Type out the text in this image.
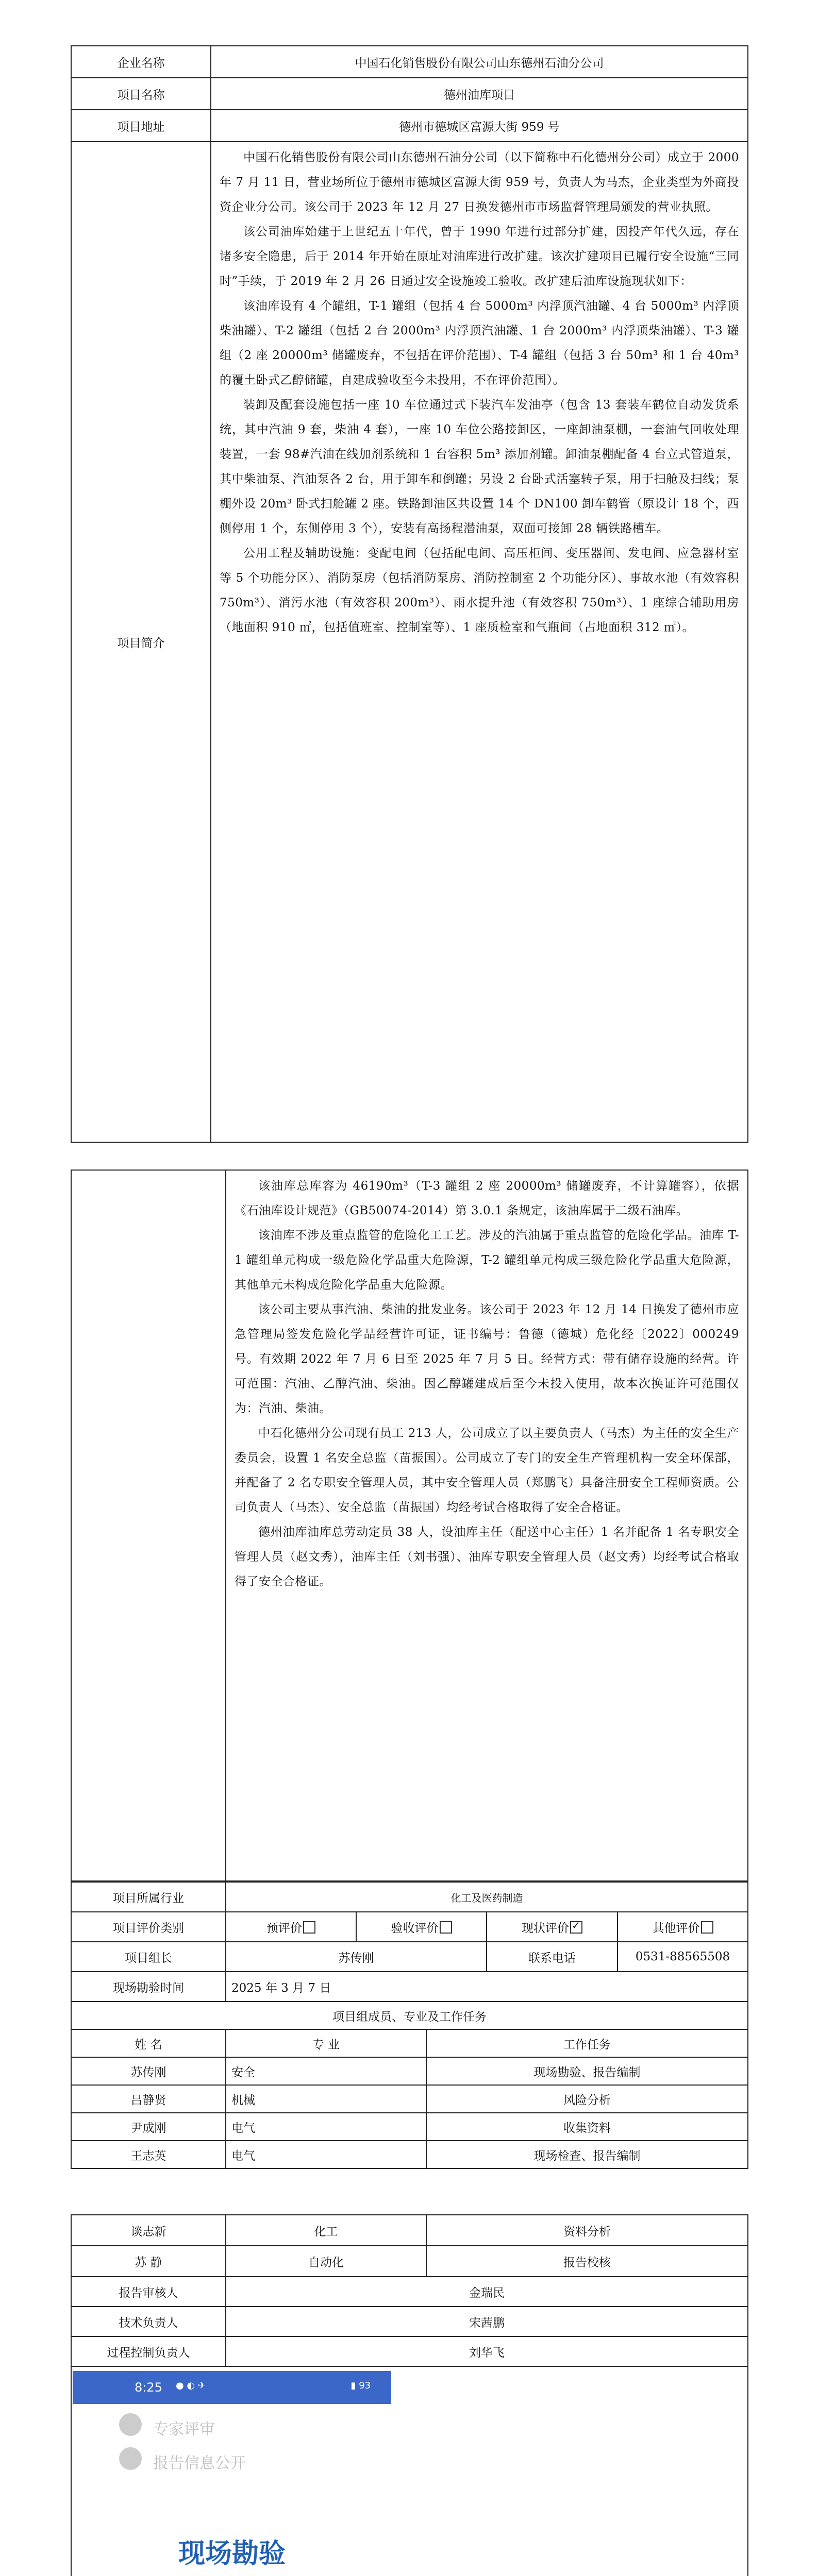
企业名称	中国石化销售股份有限公司山东德州石油分公司
项目名称	德州油库项目
项目地址	德州市德城区富源大街 959 号
项目简介	中国石化销售股份有限公司山东德州石油分公司（以下简称中石化德州分公司）成立于 2000 年 7 月 11 日，营业场所位于德州市德城区富源大街 959 号，负责人为马杰，企业类型为外商投资企业分公司。该公司于 2023 年 12 月 27 日换发德州市市场监督管理局颁发的营业执照。

该公司油库始建于上世纪五十年代，曾于 1990 年进行过部分扩建，因投产年代久远，存在诸多安全隐患，后于 2014 年开始在原址对油库进行改扩建。该次扩建项目已履行安全设施“三同时”手续，于 2019 年 2 月 26 日通过安全设施竣工验收。改扩建后油库设施现状如下：

该油库设有 4 个罐组，T-1 罐组（包括 4 台 5000m³ 内浮顶汽油罐、4 台 5000m³ 内浮顶柴油罐）、T-2 罐组（包括 2 台 2000m³ 内浮顶汽油罐、1 台 2000m³ 内浮顶柴油罐）、T-3 罐组（2 座 20000m³ 储罐废弃，不包括在评价范围）、T-4 罐组（包括 3 台 50m³ 和 1 台 40m³ 的覆土卧式乙醇储罐，自建成验收至今未投用，不在评价范围）。

装卸及配套设施包括一座 10 车位通过式下装汽车发油亭（包含 13 套装车鹤位自动发货系统，其中汽油 9 套，柴油 4 套），一座 10 车位公路接卸区，一座卸油泵棚，一套油气回收处理装置，一套 98#汽油在线加剂系统和 1 台容积 5m³ 添加剂罐。卸油泵棚配备 4 台立式管道泵，其中柴油泵、汽油泵各 2 台，用于卸车和倒罐；另设 2 台卧式活塞转子泵，用于扫舱及扫线；泵棚外设 20m³ 卧式扫舱罐 2 座。铁路卸油区共设置 14 个 DN100 卸车鹤管（原设计 18 个，西侧停用 1 个，东侧停用 3 个），安装有高扬程潜油泵，双面可接卸 28 辆铁路槽车。

公用工程及辅助设施：变配电间（包括配电间、高压柜间、变压器间、发电间、应急器材室等 5 个功能分区）、消防泵房（包括消防泵房、消防控制室 2 个功能分区）、事故水池（有效容积 750m³）、消污水池（有效容积 200m³）、雨水提升池（有效容积 750m³）、1 座综合辅助用房（地面积 910 ㎡，包括值班室、控制室等）、1 座质检室和气瓶间（占地面积 312 ㎡）。

该油库总库容为 46190m³（T-3 罐组 2 座 20000m³ 储罐废弃，不计算罐容），依据《石油库设计规范》（GB50074-2014）第 3.0.1 条规定，该油库属于二级石油库。

该油库不涉及重点监管的危险化工工艺。涉及的汽油属于重点监管的危险化学品。油库 T-1 罐组单元构成一级危险化学品重大危险源，T-2 罐组单元构成三级危险化学品重大危险源，其他单元未构成危险化学品重大危险源。

该公司主要从事汽油、柴油的批发业务。该公司于 2023 年 12 月 14 日换发了德州市应急管理局签发危险化学品经营许可证，证书编号：鲁德（德城）危化经〔2022〕000249 号。有效期 2022 年 7 月 6 日至 2025 年 7 月 5 日。经营方式：带有储存设施的经营。许可范围：汽油、乙醇汽油、柴油。因乙醇罐建成后至今未投入使用，故本次换证许可范围仅为：汽油、柴油。

中石化德州分公司现有员工 213 人，公司成立了以主要负责人（马杰）为主任的安全生产委员会，设置 1 名安全总监（苗振国）。公司成立了专门的安全生产管理机构一安全环保部，并配备了 2 名专职安全管理人员，其中安全管理人员（郑鹏飞）具备注册安全工程师资质。公司负责人（马杰）、安全总监（苗振国）均经考试合格取得了安全合格证。

德州油库油库总劳动定员 38 人，设油库主任（配送中心主任）1 名并配备 1 名专职安全管理人员（赵文秀），油库主任（刘书强）、油库专职安全管理人员（赵文秀）均经考试合格取得了安全合格证。

项目所属行业	化工及医药制造			
项目评价类别	预评价	验收评价	现状评价✓	其他评价
项目组长	苏传刚		联系电话	0531-88565508
现场勘验时间	2025 年 3 月 7 日			
项目组成员、专业及工作任务		
姓 名	专 业	工作任务
苏传刚	安全	现场勘验、报告编制
吕静贤	机械	风险分析
尹成刚	电气	收集资料
王志英	电气	现场检查、报告编制
谈志新	化工	资料分析
苏 静	自动化	报告校核
报告审核人	金瑞民
技术负责人	宋茜鹏
过程控制负责人	刘华飞

8:25 ● ◐ ✈	▮ 93
专家评审
报告信息公开
现场勘验
